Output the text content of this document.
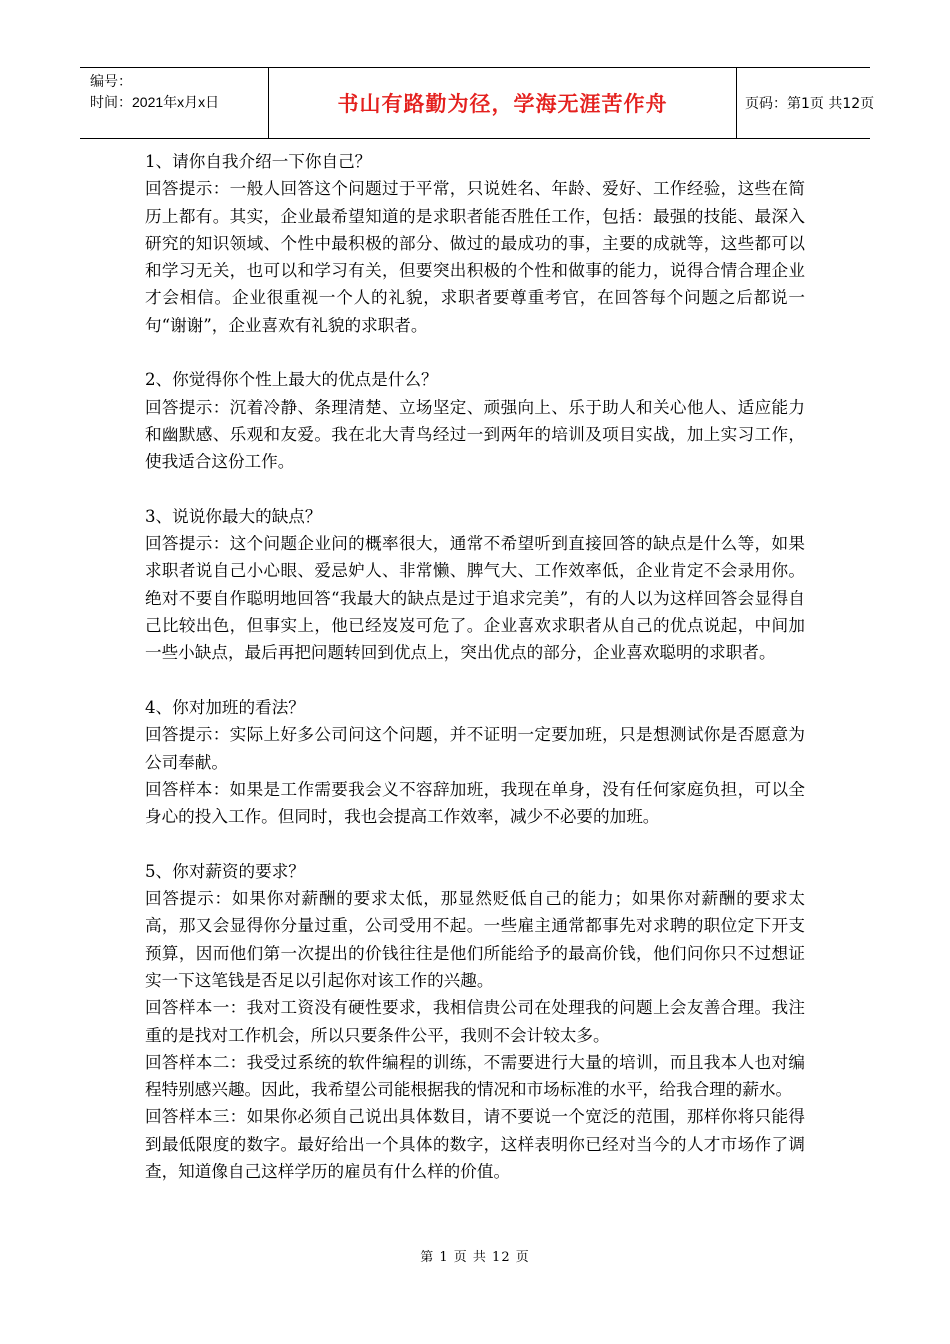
编号：
时间：2021年x月x日	书山有路勤为径，学海无涯苦作舟	页码：第1页 共12页

1、请你自我介绍一下你自己？

回答提示：一般人回答这个问题过于平常，只说姓名、年龄、爱好、工作经验，这些在简历上都有。其实，企业最希望知道的是求职者能否胜任工作，包括：最强的技能、最深入研究的知识领域、个性中最积极的部分、做过的最成功的事，主要的成就等，这些都可以和学习无关，也可以和学习有关，但要突出积极的个性和做事的能力，说得合情合理企业才会相信。企业很重视一个人的礼貌，求职者要尊重考官，在回答每个问题之后都说一句“谢谢”，企业喜欢有礼貌的求职者。

2、你觉得你个性上最大的优点是什么？

回答提示：沉着冷静、条理清楚、立场坚定、顽强向上、乐于助人和关心他人、适应能力和幽默感、乐观和友爱。我在北大青鸟经过一到两年的培训及项目实战，加上实习工作，使我适合这份工作。

3、说说你最大的缺点？

回答提示：这个问题企业问的概率很大，通常不希望听到直接回答的缺点是什么等，如果求职者说自己小心眼、爱忌妒人、非常懒、脾气大、工作效率低，企业肯定不会录用你。绝对不要自作聪明地回答“我最大的缺点是过于追求完美”，有的人以为这样回答会显得自己比较出色，但事实上，他已经岌岌可危了。企业喜欢求职者从自己的优点说起，中间加一些小缺点，最后再把问题转回到优点上，突出优点的部分，企业喜欢聪明的求职者。

4、你对加班的看法？

回答提示：实际上好多公司问这个问题，并不证明一定要加班，只是想测试你是否愿意为公司奉献。

回答样本：如果是工作需要我会义不容辞加班，我现在单身，没有任何家庭负担，可以全身心的投入工作。但同时，我也会提高工作效率，减少不必要的加班。

5、你对薪资的要求？

回答提示：如果你对薪酬的要求太低，那显然贬低自己的能力；如果你对薪酬的要求太高，那又会显得你分量过重，公司受用不起。一些雇主通常都事先对求聘的职位定下开支预算，因而他们第一次提出的价钱往往是他们所能给予的最高价钱，他们问你只不过想证实一下这笔钱是否足以引起你对该工作的兴趣。

回答样本一：我对工资没有硬性要求，我相信贵公司在处理我的问题上会友善合理。我注重的是找对工作机会，所以只要条件公平，我则不会计较太多。

回答样本二：我受过系统的软件编程的训练，不需要进行大量的培训，而且我本人也对编程特别感兴趣。因此，我希望公司能根据我的情况和市场标准的水平，给我合理的薪水。

回答样本三：如果你必须自己说出具体数目，请不要说一个宽泛的范围，那样你将只能得到最低限度的数字。最好给出一个具体的数字，这样表明你已经对当今的人才市场作了调查，知道像自己这样学历的雇员有什么样的价值。

第 1 页 共 12 页
